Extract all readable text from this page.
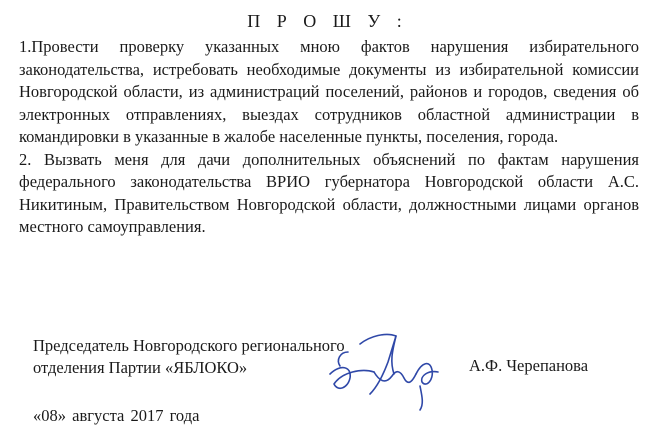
П Р О Ш У :

1.Провести проверку указанных мною фактов нарушения избирательного законодательства, истребовать необходимые документы из избирательной комиссии Новгородской области, из администраций поселений, районов и городов, сведения об электронных отправлениях, выездах сотрудников областной администрации в командировки в указанные в жалобе населенные пункты, поселения, города.

2. Вызвать меня для дачи дополнительных объяснений по фактам нарушения федерального законодательства ВРИО губернатора Новгородской области А.С. Никитиным, Правительством Новгородской области, должностными лицами органов местного самоуправления.

Председатель Новгородского регионального
отделения Партии «ЯБЛОКО»	А.Ф. Черепанова
«08» августа 2017 года
